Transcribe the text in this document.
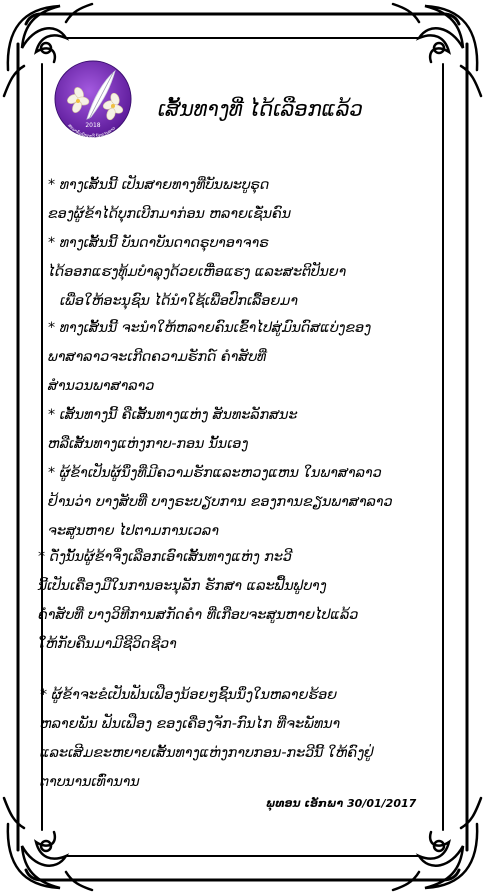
2018
ສະມາຄົມນັກກະວີ ນັກຂຽນລາວ
ເສັ້ນທາງທີ່ ໄດ້ເລືອກແລ້ວ
* ທາງເສັ້ນນີ້ ເປັນສາຍທາງທີ່ບັນພະບູຣຸດ
ຂອງຜູ້ຂ້າໄດ້ບຸກເບີກມາກ່ອນ ຫລາຍເຊັ່ນຄົນ
* ທາງເສັ້ນນີ້ ບັນດາບັນດາດຣຸບາອາຈາຣ
ໄດ້ອອກແຮງທຸ້ມບຳລຸງດ້ວຍເຫື່ອແຮງ ແລະສະຕິປັນຍາ
ເພື່ອໃຫ້ອະນຸຊົນ ໄດ້ນຳໃຊ້ເພື່ອປົກເລື້ອຍມາ
* ທາງເສັ້ນນີ້ ຈະນຳໃຫ້ຫລາຍຄົນເຂົ້າໄປສູ່ມົນດົສແບ່ງຂອງ
ພາສາລາວຈະເກີດຄວາມຮັກດ໌ ຄຳສັບທີ່
ສຳນວນພາສາລາວ
* ເສັ້ນທາງນີ້ ຄືເສັ້ນທາງແຫ່ງ ສັນທະລັກສນະ
ຫລືເສັ້ນທາງແຫ່ງກາບ-ກອນ ນັ້ນເອງ
* ຜູ້ຂ້າເປັນຜູ້ນຶ່ງທີ່ມີຄວາມຮັກແລະຫວງແຫນ ໃນພາສາລາວ
ຢ້ານວ່າ ບາງສັບທີ່ ບາງຣະບຽບການ ຂອງການຂຽນພາສາລາວ
ຈະສູນຫາຍ ໄປຕາມການເວລາ
* ດັ່ງນັ້ນຜູ້ຂ້າຈຶ່ງເລືອກເອົາເສັ້ນທາງແຫ່ງ ກະວີ
ນີ້ເປັນເຄື່ອງມືໃນການອະນຸລັກ ຮັກສາ ແລະຟື້ນຟູບາງ
ຄຳສັບທີ່ ບາງວິທີການສກັດຄຳ ທີ່ເກືອບຈະສູນຫາຍໄປແລ້ວ
ໃຫ້ກັບຄືນມາມີຊີວິດຊີວາ
* ຜູ້ຂ້າຈະຂໍເປັນຟັນເຟືອງນ້ອຍໆຊິ້ນນຶ່ງໃນຫລາຍຮ້ອຍ
ຫລາຍພັນ ຟັນເຟືອງ ຂອງເຄື່ອງຈັກ-ກົນໄກ ທີ່ຈະພັທນາ
ແລະເສີມຂະຫຍາຍເສັ້ນທາງແຫ່ງກາບກອນ-ກະວີນີ້ ໃຫ້ຄົງຢູ່
ຕາບນານເທົ່ານານ
ພຸທອນ ເອັກພາ 30/01/2017
